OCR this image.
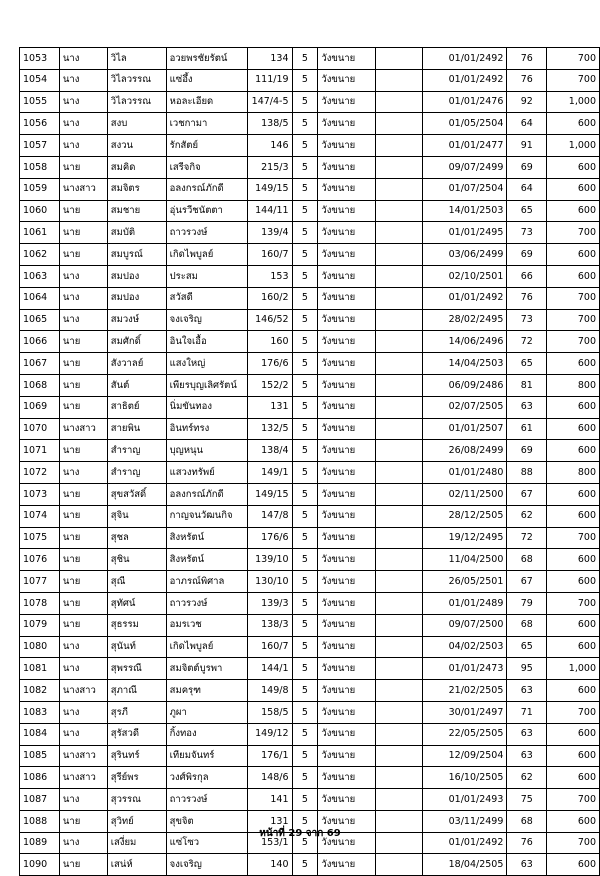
1053	นาง	วิไล	อวยพรชัยรัตน์	134	5	วังขนาย		01/01/2492	76	700
1054	นาง	วิไลวรรณ	แซ่อึ้ง	111/19	5	วังขนาย		01/01/2492	76	700
1055	นาง	วิไลวรรณ	หอละเอียด	147/4-5	5	วังขนาย		01/01/2476	92	1,000
1056	นาง	สงบ	เวชกามา	138/5	5	วังขนาย		01/05/2504	64	600
1057	นาง	สงวน	รักสัตย์	146	5	วังขนาย		01/01/2477	91	1,000
1058	นาย	สมคิด	เสรีจกิจ	215/3	5	วังขนาย		09/07/2499	69	600
1059	นางสาว	สมจิตร	อลงกรณ์ภักดี	149/15	5	วังขนาย		01/07/2504	64	600
1060	นาย	สมชาย	อุ่นรวีชนัตตา	144/11	5	วังขนาย		14/01/2503	65	600
1061	นาย	สมบัติ	ถาวรวงษ์	139/4	5	วังขนาย		01/01/2495	73	700
1062	นาย	สมบูรณ์	เกิดไพบูลย์	160/7	5	วังขนาย		03/06/2499	69	600
1063	นาง	สมปอง	ประสม	153	5	วังขนาย		02/10/2501	66	600
1064	นาง	สมปอง	สวัสดี	160/2	5	วังขนาย		01/01/2492	76	700
1065	นาง	สมวงษ์	จงเจริญ	146/52	5	วังขนาย		28/02/2495	73	700
1066	นาย	สมศักดิ์	อินใจเอื้อ	160	5	วังขนาย		14/06/2496	72	700
1067	นาย	สังวาลย์	แสงใหญ่	176/6	5	วังขนาย		14/04/2503	65	600
1068	นาย	สันต์	เพียรบุญเลิศรัตน์	152/2	5	วังขนาย		06/09/2486	81	800
1069	นาย	สาธิตย์	นิ่มขันทอง	131	5	วังขนาย		02/07/2505	63	600
1070	นางสาว	สายพิน	อินทร์ทรง	132/5	5	วังขนาย		01/01/2507	61	600
1071	นาย	สำราญ	บุญหนุน	138/4	5	วังขนาย		26/08/2499	69	600
1072	นาง	สำราญ	แสวงทรัพย์	149/1	5	วังขนาย		01/01/2480	88	800
1073	นาย	สุขสวัสดิ์	อลงกรณ์ภักดี	149/15	5	วังขนาย		02/11/2500	67	600
1074	นาย	สุจิน	กาญจนวัฒนกิจ	147/8	5	วังขนาย		28/12/2505	62	600
1075	นาย	สุชล	สิงหรัตน์	176/6	5	วังขนาย		19/12/2495	72	700
1076	นาย	สุชิน	สิงหรัตน์	139/10	5	วังขนาย		11/04/2500	68	600
1077	นาย	สุณี	อาภรณ์พิศาล	130/10	5	วังขนาย		26/05/2501	67	600
1078	นาย	สุทัศน์	ถาวรวงษ์	139/3	5	วังขนาย		01/01/2489	79	700
1079	นาย	สุธรรม	อมรเวช	138/3	5	วังขนาย		09/07/2500	68	600
1080	นาง	สุนันท์	เกิดไพบูลย์	160/7	5	วังขนาย		04/02/2503	65	600
1081	นาง	สุพรรณี	สมจิตต์บูรพา	144/1	5	วังขนาย		01/01/2473	95	1,000
1082	นางสาว	สุภาณี	สมครุฑ	149/8	5	วังขนาย		21/02/2505	63	600
1083	นาง	สุรภี	ภูผา	158/5	5	วังขนาย		30/01/2497	71	700
1084	นาง	สุรัสวดี	กิ้งทอง	149/12	5	วังขนาย		22/05/2505	63	600
1085	นางสาว	สุรินทร์	เทียมจันทร์	176/1	5	วังขนาย		12/09/2504	63	600
1086	นางสาว	สุรีย์พร	วงศ์พิรกุล	148/6	5	วังขนาย		16/10/2505	62	600
1087	นาง	สุวรรณ	ถาวรวงษ์	141	5	วังขนาย		01/01/2493	75	700
1088	นาย	สุวิทย์	สุขจิต	131	5	วังขนาย		03/11/2499	68	600
1089	นาง	เสงี่ยม	แซ่โซว	153/1	5	วังขนาย		01/01/2492	76	700
1090	นาย	เสน่ห์	จงเจริญ	140	5	วังขนาย		18/04/2505	63	600
หน้าที่ 29 จาก 69
